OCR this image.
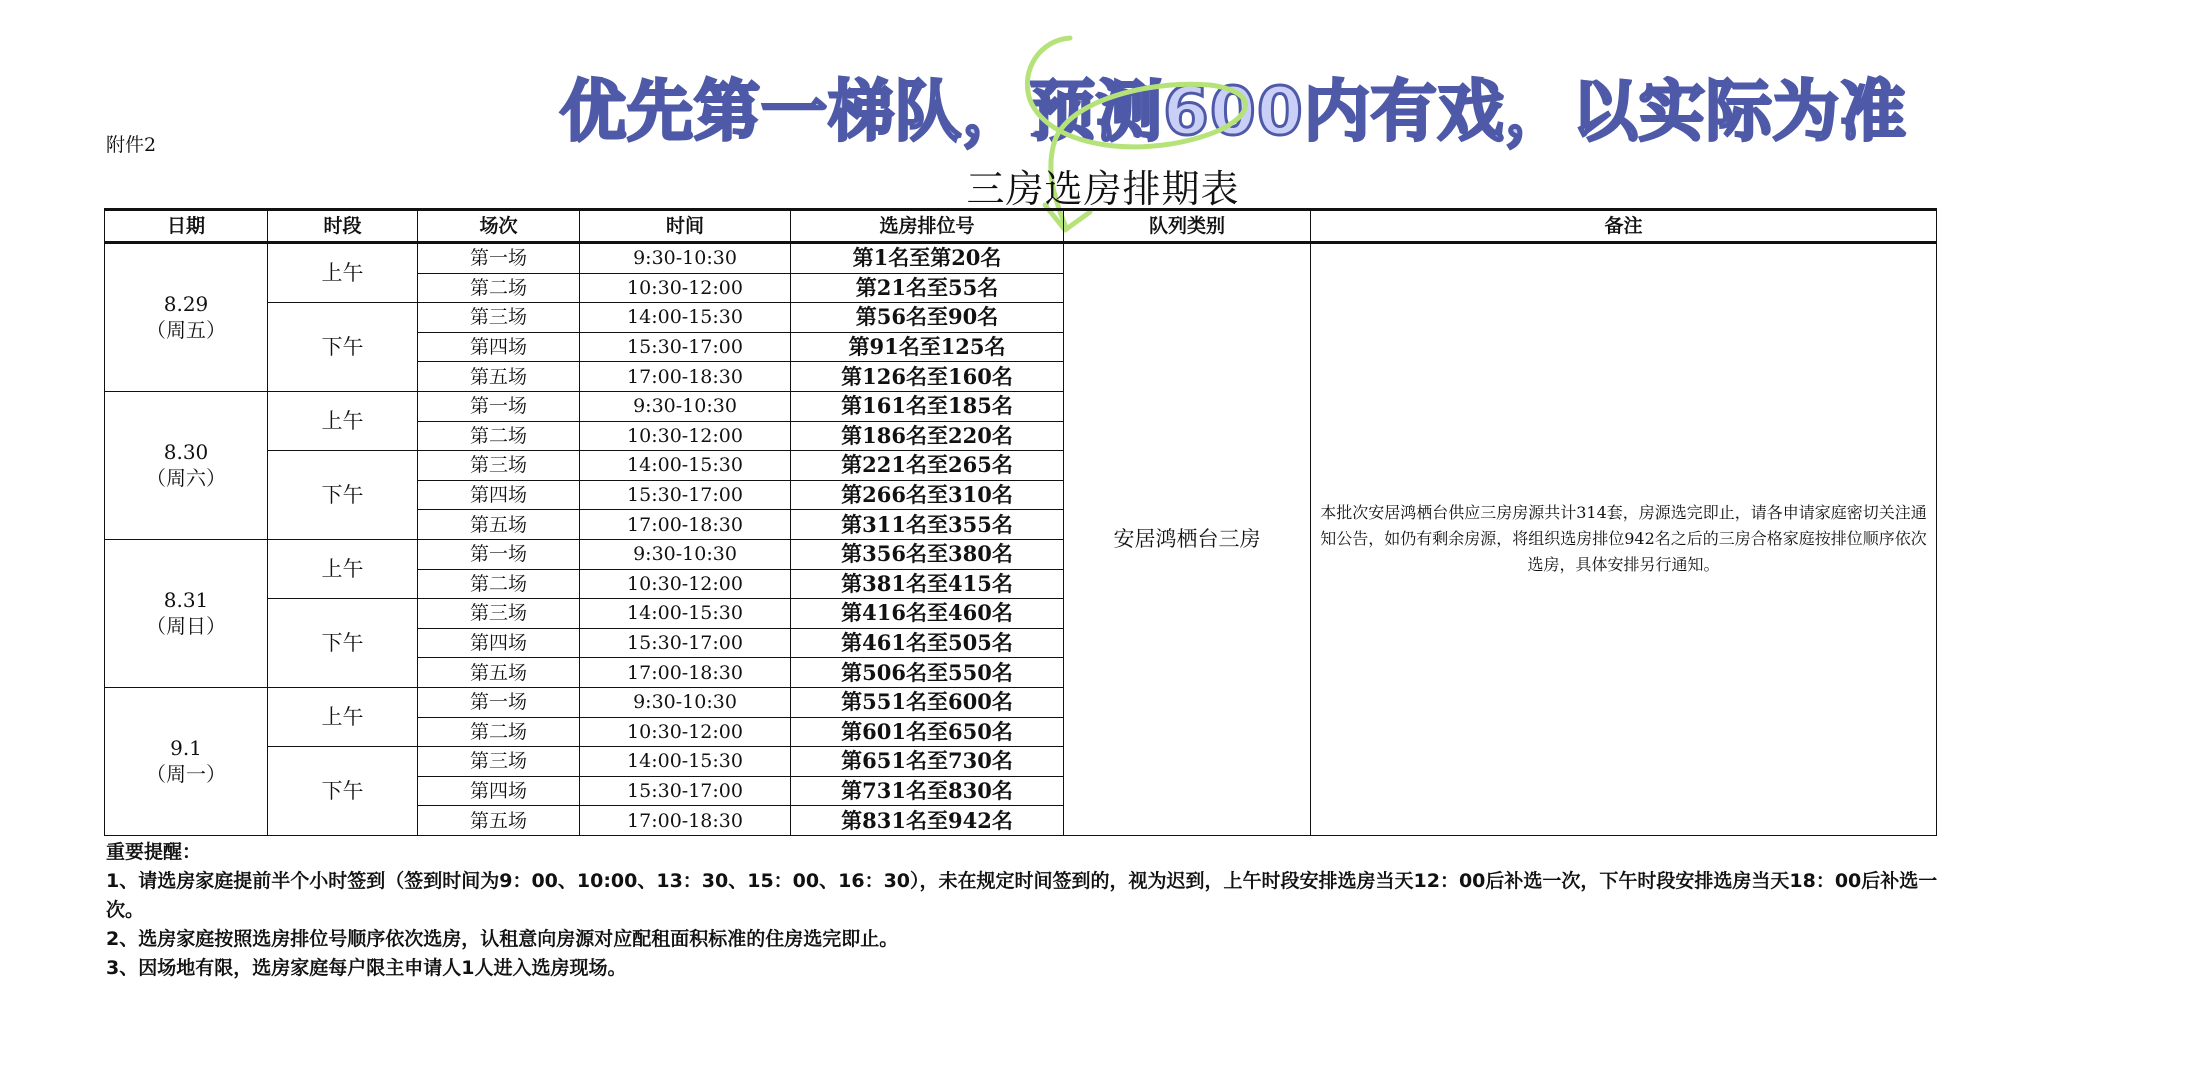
优先第一梯队，预测600内有戏，以实际为准
附件2
三房选房排期表
日期	时段	场次	时间	选房排位号	队列类别	备注
8.29
（周五）	上午	第一场	9:30-10:30	第1名至第20名	安居鸿栖台三房	本批次安居鸿栖台供应三房房源共计314套，房源选完即止，请各申请家庭密切关注通知公告，如仍有剩余房源，将组织选房排位942名之后的三房合格家庭按排位顺序依次选房，具体安排另行通知。
		第二场	10:30-12:00	第21名至55名		
	下午	第三场	14:00-15:30	第56名至90名		
		第四场	15:30-17:00	第91名至125名		
		第五场	17:00-18:30	第126名至160名		
8.30
（周六）	上午	第一场	9:30-10:30	第161名至185名		
		第二场	10:30-12:00	第186名至220名		
	下午	第三场	14:00-15:30	第221名至265名		
		第四场	15:30-17:00	第266名至310名		
		第五场	17:00-18:30	第311名至355名		
8.31
（周日）	上午	第一场	9:30-10:30	第356名至380名		
		第二场	10:30-12:00	第381名至415名		
	下午	第三场	14:00-15:30	第416名至460名		
		第四场	15:30-17:00	第461名至505名		
		第五场	17:00-18:30	第506名至550名		
9.1
（周一）	上午	第一场	9:30-10:30	第551名至600名		
		第二场	10:30-12:00	第601名至650名		
	下午	第三场	14:00-15:30	第651名至730名		
		第四场	15:30-17:00	第731名至830名		
		第五场	17:00-18:30	第831名至942名		
重要提醒：
1、请选房家庭提前半个小时签到（签到时间为9：00、10:00、13：30、15：00、16：30），未在规定时间签到的，视为迟到，上午时段安排选房当天12：00后补选一次，下午时段安排选房当天18：00后补选一次。
2、选房家庭按照选房排位号顺序依次选房，认租意向房源对应配租面积标准的住房选完即止。
3、因场地有限，选房家庭每户限主申请人1人进入选房现场。
